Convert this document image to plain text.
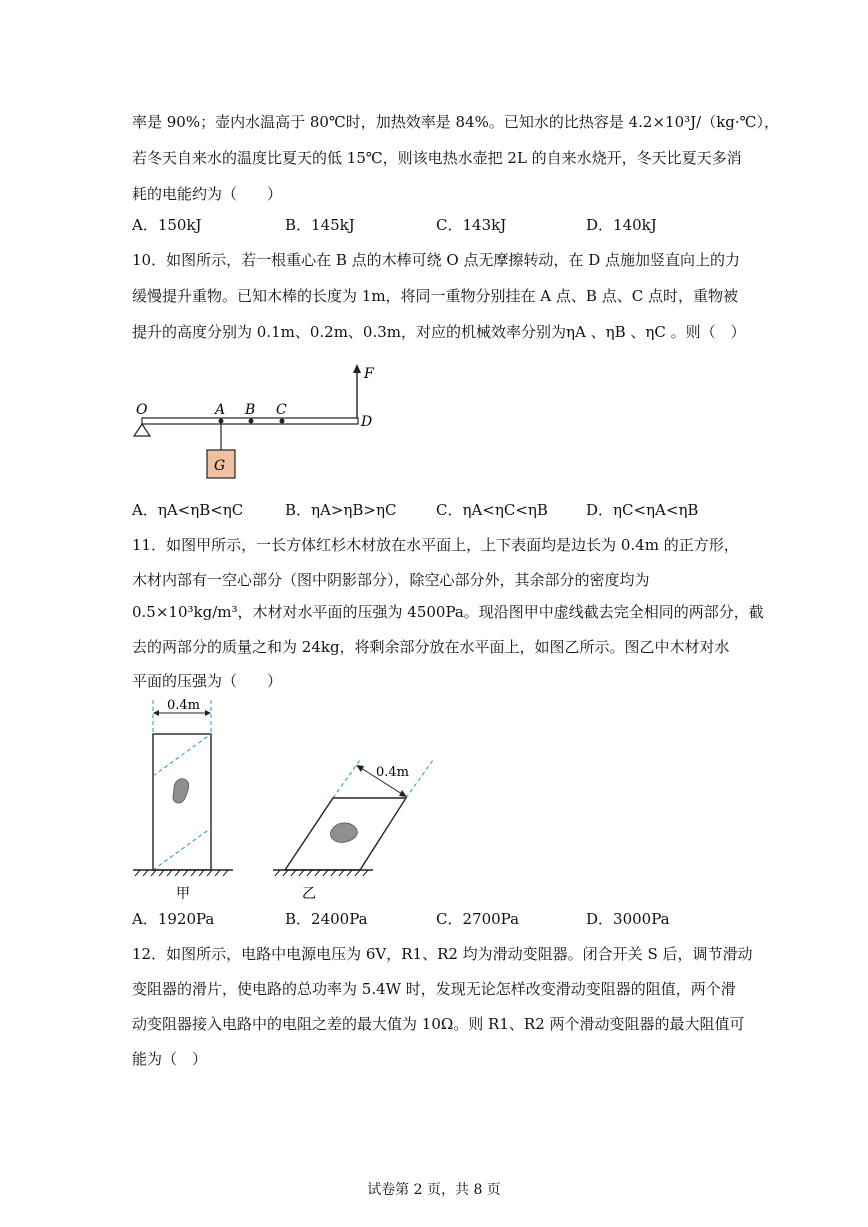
率是 90%；壶内水温高于 80℃时，加热效率是 84%。已知水的比热容是 4.2×10³J/（kg·℃），
若冬天自来水的温度比夏天的低 15℃，则该电热水壶把 2L 的自来水烧开，冬天比夏天多消
耗的电能约为（　　）
A．150kJ	B．145kJ	C．143kJ	D．140kJ
10．如图所示，若一根重心在 B 点的木棒可绕 O 点无摩擦转动，在 D 点施加竖直向上的力
缓慢提升重物。已知木棒的长度为 1m，将同一重物分别挂在 A 点、B 点、C 点时，重物被
提升的高度分别为 0.1m、0.2m、0.3m，对应的机械效率分别为ηA 、ηB 、ηC 。则（　）
O	A B C
D
F
G
A．ηA<ηB<ηC	B．ηA>ηB>ηC	C．ηA<ηC<ηB	D．ηC<ηA<ηB
11．如图甲所示，一长方体红杉木材放在水平面上，上下表面均是边长为 0.4m 的正方形，
木材内部有一空心部分（图中阴影部分），除空心部分外，其余部分的密度均为
0.5×10³kg/m³，木材对水平面的压强为 4500Pa。现沿图甲中虚线截去完全相同的两部分，截
去的两部分的质量之和为 24kg，将剩余部分放在水平面上，如图乙所示。图乙中木材对水
平面的压强为（　　）
0.4m
甲
0.4m
乙
A．1920Pa	B．2400Pa	C．2700Pa	D．3000Pa
12．如图所示，电路中电源电压为 6V，R1、R2 均为滑动变阻器。闭合开关 S 后，调节滑动
变阻器的滑片，使电路的总功率为 5.4W 时，发现无论怎样改变滑动变阻器的阻值，两个滑
动变阻器接入电路中的电阻之差的最大值为 10Ω。则 R1、R2 两个滑动变阻器的最大阻值可
能为（　）
试卷第 2 页，共 8 页
